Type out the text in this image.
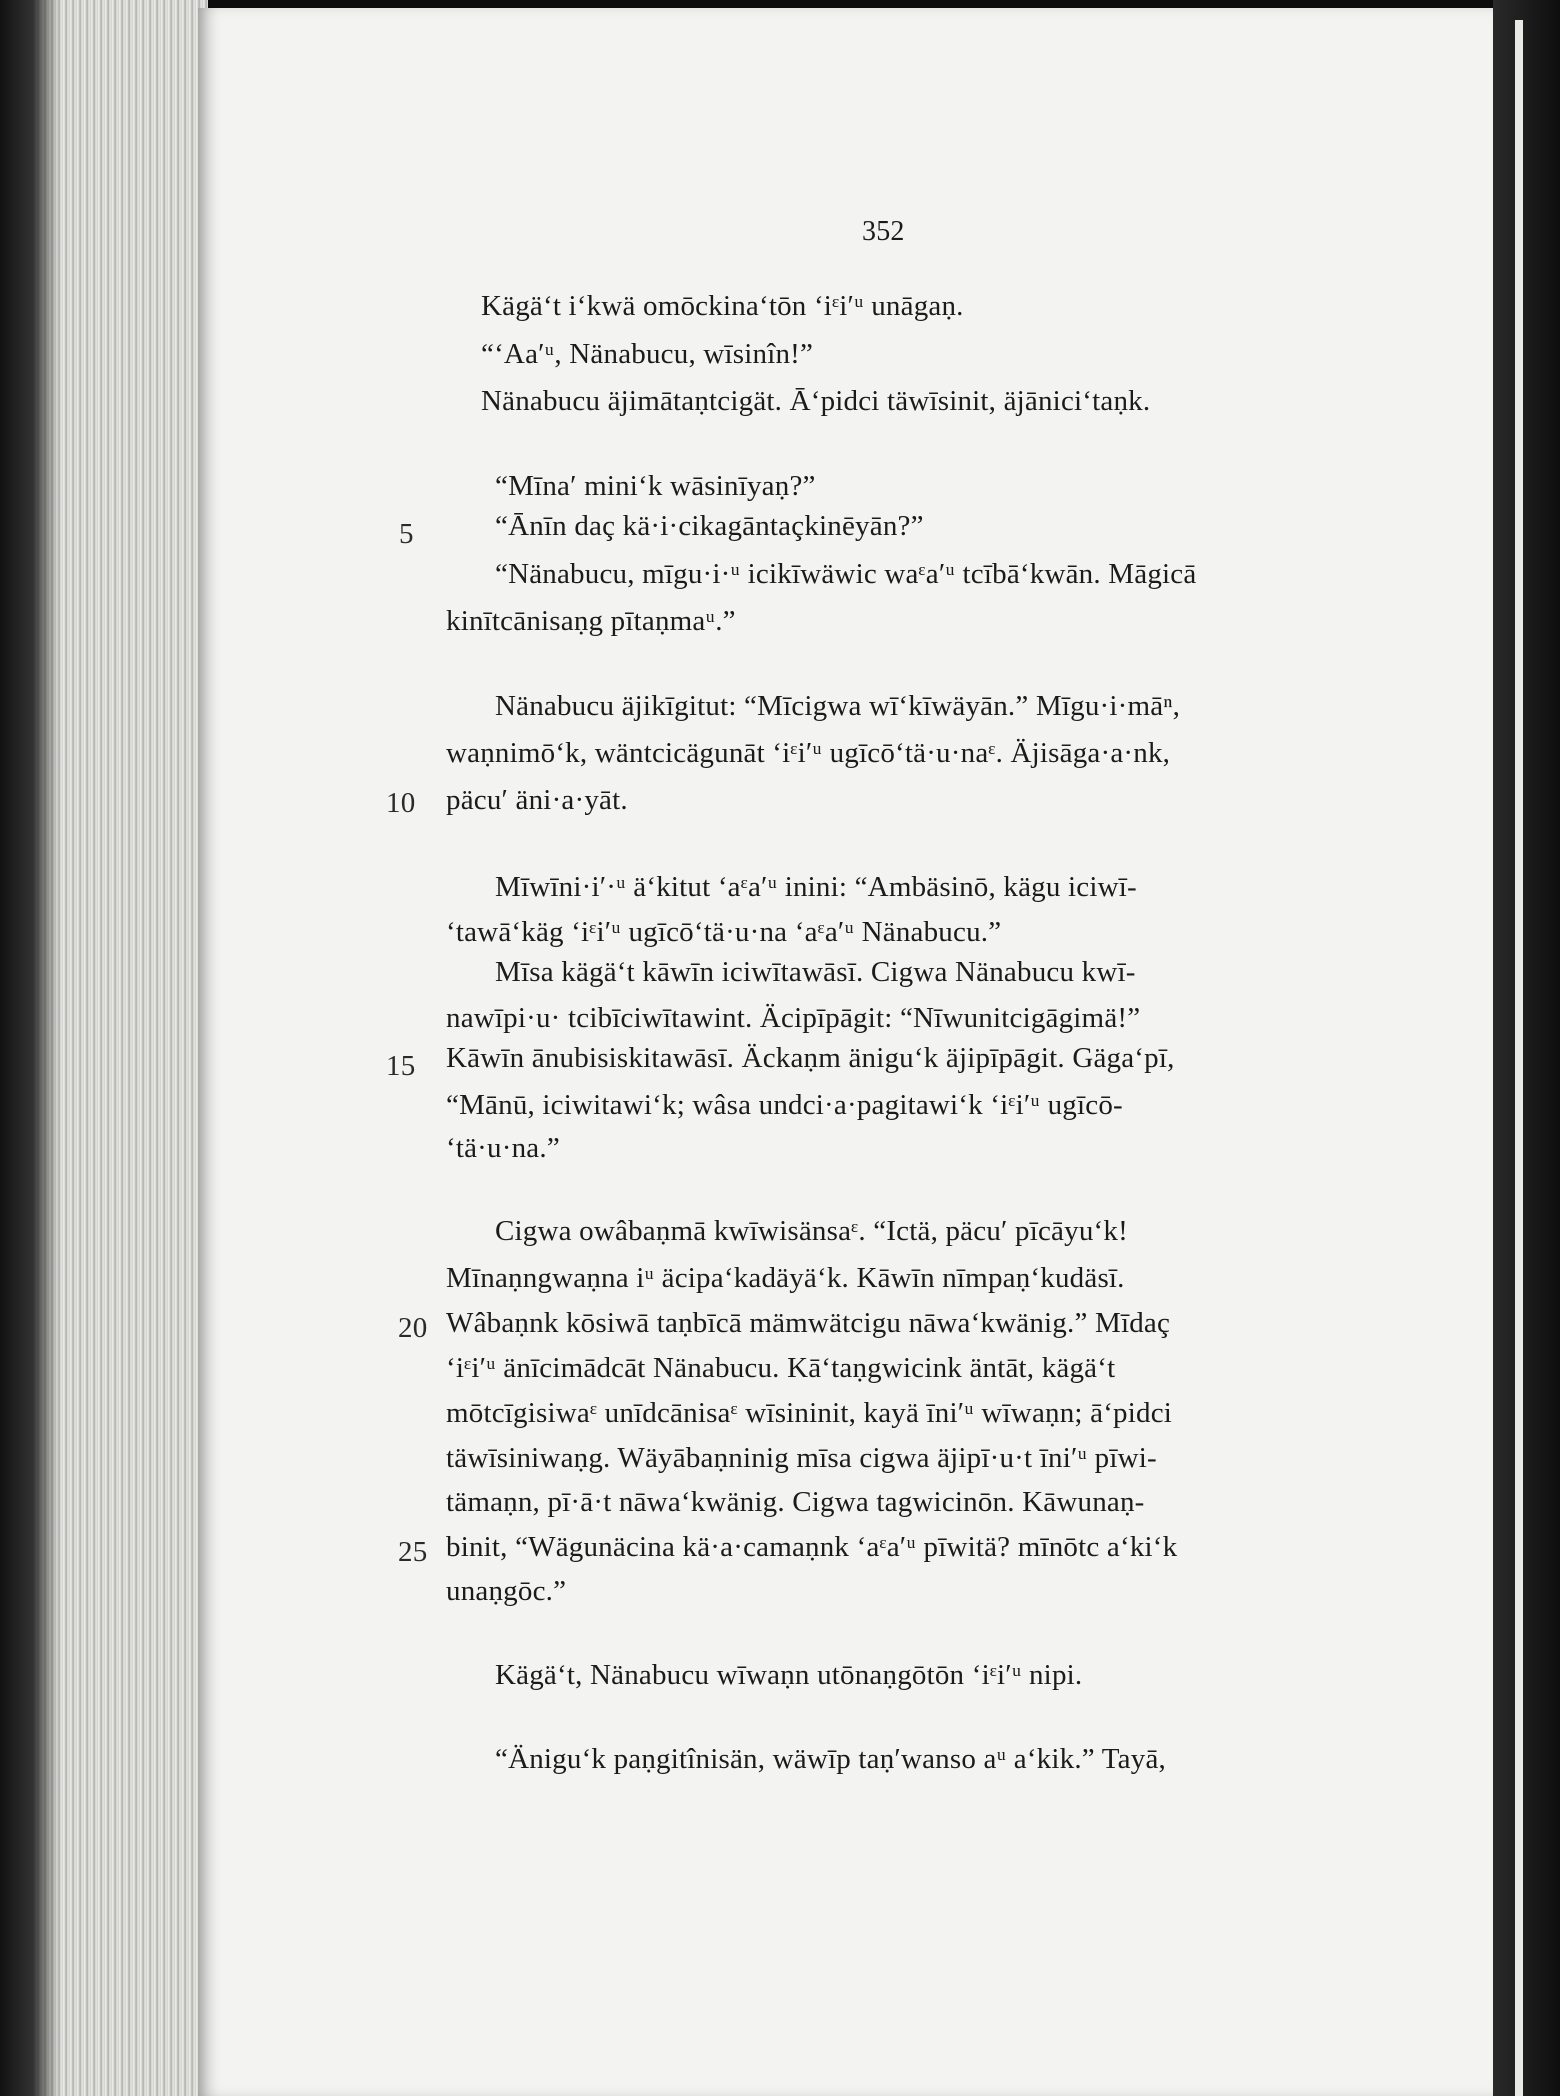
352
Kägä‘t i‘kwä omōckina‘tōn ‘iᵋi′ᵘ unāgaṇ.
“‘Aa′ᵘ, Nänabucu, wīsinîn!”
Nänabucu äjimātaṇtcigät. Ā‘pidci täwīsinit, äjānici‘taṇk.
“Mīna′ mini‘k wāsinīyaṇ?”
5	“Ānīn daç kä·i·cikagāntaçkinēyān?”
“Nänabucu, mīgu·i·ᵘ icikīwäwic waᵋa′ᵘ tcībā‘kwān. Māgicā
kinītcānisaṇg pītaṇmaᵘ.”
Nänabucu äjikīgitut: “Mīcigwa wī‘kīwäyān.” Mīgu·i·māⁿ,
waṇnimō‘k, wäntcicägunāt ‘iᵋi′ᵘ ugīcō‘tä·u·naᵋ. Äjisāga·a·nk,
10 päcu′ äni·a·yāt.
Mīwīni·i′·ᵘ ä‘kitut ‘aᵋa′ᵘ inini: “Ambäsinō, kägu iciwī-
‘tawā‘käg ‘iᵋi′ᵘ ugīcō‘tä·u·na ‘aᵋa′ᵘ Nänabucu.”
Mīsa kägä‘t kāwīn iciwītawāsī. Cigwa Nänabucu kwī-
nawīpi·u· tcibīciwītawint. Äcipīpāgit: “Nīwunitcigāgimä!”
15 Kāwīn ānubisiskitawāsī. Äckaṇm änigu‘k äjipīpāgit. Gäga‘pī,
“Mānū, iciwitawi‘k; wâsa undci·a·pagitawi‘k ‘iᵋi′ᵘ ugīcō-
‘tä·u·na.”
Cigwa owâbaṇmā kwīwisänsaᵋ. “Ictä, päcu′ pīcāyu‘k!
Mīnaṇngwaṇna iᵘ äcipa‘kadäyä‘k. Kāwīn nīmpaṇ‘kudäsī.
20 Wâbaṇnk kōsiwā taṇbīcā mämwätcigu nāwa‘kwänig.” Mīdaç
‘iᵋi′ᵘ änīcimādcāt Nänabucu. Kā‘taṇgwicink äntāt, kägä‘t
mōtcīgisiwaᵋ unīdcānisaᵋ wīsininit, kayä īni′ᵘ wīwaṇn; ā‘pidci
täwīsiniwaṇg. Wäyābaṇninig mīsa cigwa äjipī·u·t īni′ᵘ pīwi-
tämaṇn, pī·ā·t nāwa‘kwänig. Cigwa tagwicinōn. Kāwunaṇ-
25 binit, “Wägunäcina kä·a·camaṇnk ‘aᵋa′ᵘ pīwitä? mīnōtc a‘ki‘k
unaṇgōc.”
Kägä‘t, Nänabucu wīwaṇn utōnaṇgōtōn ‘iᵋi′ᵘ nipi.
“Änigu‘k paṇgitînisän, wäwīp taṇ′wanso aᵘ a‘kik.” Tayā,
